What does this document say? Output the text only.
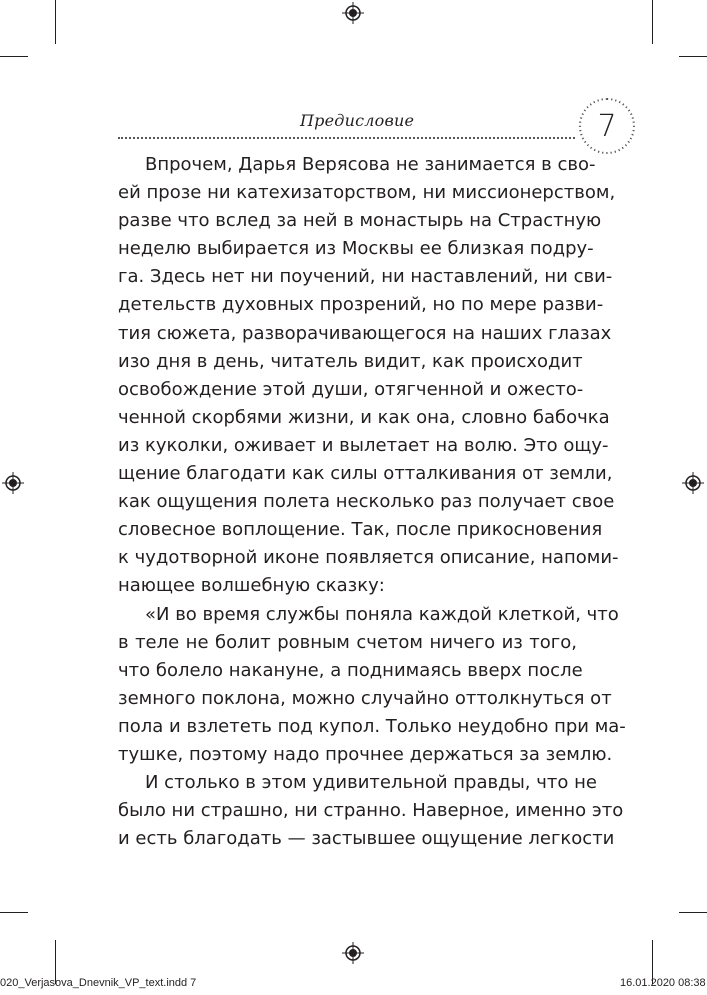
Предисловие	7
Впрочем, Дарья Верясова не занимается в сво-
ей прозе ни катехизаторством, ни миссионерством,
разве что вслед за ней в монастырь на Страстную
неделю выбирается из Москвы ее близкая подру-
га. Здесь нет ни поучений, ни наставлений, ни сви-
детельств духовных прозрений, но по мере разви-
тия сюжета, разворачивающегося на наших глазах
изо дня в день, читатель видит, как происходит
освобождение этой души, отягченной и ожесто-
ченной скорбями жизни, и как она, словно бабочка
из куколки, оживает и вылетает на волю. Это ощу-
щение благодати как силы отталкивания от земли,
как ощущения полета несколько раз получает свое
словесное воплощение. Так, после прикосновения
к чудотворной иконе появляется описание, напоми-
нающее волшебную сказку:
«И во время службы поняла каждой клеткой, что
в теле не болит ровным счетом ничего из того,
что болело накануне, а поднимаясь вверх после
земного поклона, можно случайно оттолкнуться от
пола и взлететь под купол. Только неудобно при ма-
тушке, поэтому надо прочнее держаться за землю.
И столько в этом удивительной правды, что не
было ни страшно, ни странно. Наверное, именно это
и есть благодать — застывшее ощущение легкости
020_Verjasova_Dnevnik_VP_text.indd 7	16.01.2020 08:38
